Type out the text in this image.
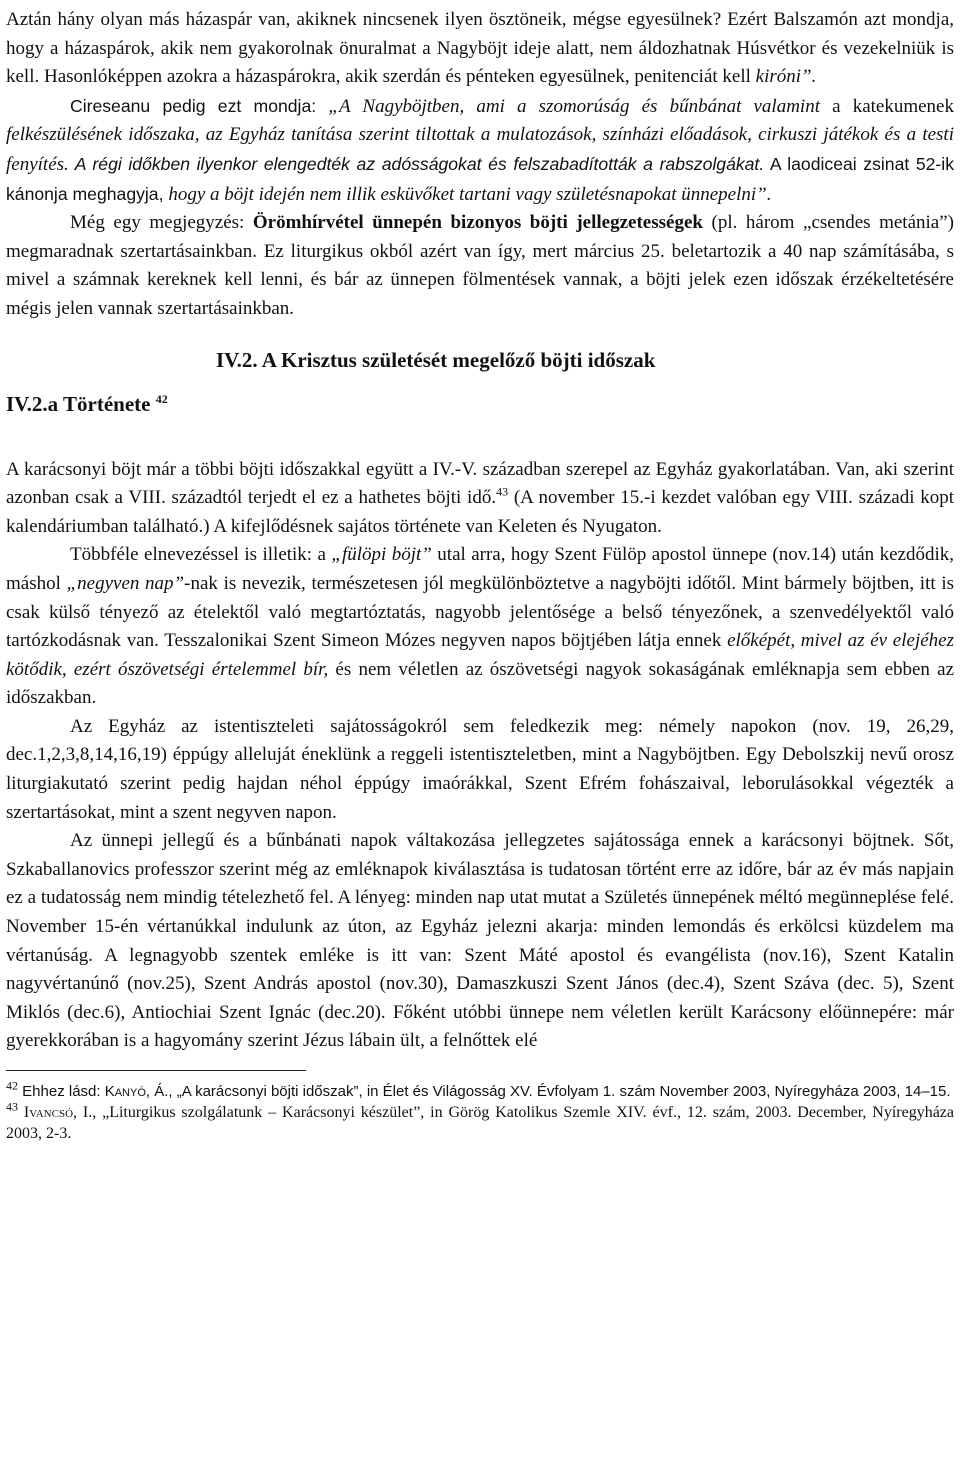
Aztán hány olyan más házaspár van, akiknek nincsenek ilyen ösztöneik, mégse egyesülnek? Ezért Balszamón azt mondja, hogy a házaspárok, akik nem gyakorolnak önuralmat a Nagyböjt ideje alatt, nem áldozhatnak Húsvétkor és vezekelniük is kell. Hasonlóképpen azokra a házaspárokra, akik szerdán és pénteken egyesülnek, penitenciát kell kiróni”.

Cireseanu pedig ezt mondja: „A Nagyböjtben, ami a szomorúság és bűnbánat valamint a katekumenek felkészülésének időszaka, az Egyház tanítása szerint tiltottak a mulatozások, színházi előadások, cirkuszi játékok és a testi fenyítés. A régi időkben ilyenkor elengedték az adósságokat és felszabadították a rabszolgákat. A laodiceai zsinat 52-ik kánonja meghagyja, hogy a böjt idején nem illik esküvőket tartani vagy születésnapokat ünnepelni”.

Még egy megjegyzés: Örömhírvétel ünnepén bizonyos böjti jellegzetességek (pl. három „csendes metánia”) megmaradnak szertartásainkban. Ez liturgikus okból azért van így, mert március 25. beletartozik a 40 nap számításába, s mivel a számnak kereknek kell lenni, és bár az ünnepen fölmentések vannak, a böjti jelek ezen időszak érzékeltetésére mégis jelen vannak szertartásainkban.

IV.2. A Krisztus születését megelőző böjti időszak
IV.2.a Története $^{42}$

A karácsonyi böjt már a többi böjti időszakkal együtt a IV.-V. században szerepel az Egyház gyakorlatában. Van, aki szerint azonban csak a VIII. századtól terjedt el ez a hathetes böjti idő.$^{43}$ (A november 15.-i kezdet valóban egy VIII. századi kopt kalendáriumban található.) A kifejlődésnek sajátos története van Keleten és Nyugaton.

Többféle elnevezéssel is illetik: a „fülöpi böjt” utal arra, hogy Szent Fülöp apostol ünnepe (nov.14) után kezdődik, máshol „negyven nap”-nak is nevezik, természetesen jól megkülönböztetve a nagyböjti időtől. Mint bármely böjtben, itt is csak külső tényező az ételektől való megtartóztatás, nagyobb jelentősége a belső tényezőnek, a szenvedélyektől való tartózkodásnak van. Tesszalonikai Szent Simeon Mózes negyven napos böjtjében látja ennek előképét, mivel az év elejéhez kötődik, ezért ószövetségi értelemmel bír, és nem véletlen az ószövetségi nagyok sokaságának emléknapja sem ebben az időszakban.

Az Egyház az istentiszteleti sajátosságokról sem feledkezik meg: némely napokon (nov. 19, 26,29, dec.1,2,3,8,14,16,19) éppúgy alleluját éneklünk a reggeli istentiszteletben, mint a Nagyböjtben. Egy Debolszkij nevű orosz liturgiakutató szerint pedig hajdan néhol éppúgy imaórákkal, Szent Efrém fohászaival, leborulásokkal végezték a szertartásokat, mint a szent negyven napon.

Az ünnepi jellegű és a bűnbánati napok váltakozása jellegzetes sajátossága ennek a karácsonyi böjtnek. Sőt, Szkaballanovics professzor szerint még az emléknapok kiválasztása is tudatosan történt erre az időre, bár az év más napjain ez a tudatosság nem mindig tételezhető fel. A lényeg: minden nap utat mutat a Születés ünnepének méltó megünneplése felé. November 15-én vértanúkkal indulunk az úton, az Egyház jelezni akarja: minden lemondás és erkölcsi küzdelem ma vértanúság. A legnagyobb szentek emléke is itt van: Szent Máté apostol és evangélista (nov.16), Szent Katalin nagyvértanúnő (nov.25), Szent András apostol (nov.30), Damaszkuszi Szent János (dec.4), Szent Száva (dec. 5), Szent Miklós (dec.6), Antiochiai Szent Ignác (dec.20). Főként utóbbi ünnepe nem véletlen került Karácsony előünnepére: már gyerekkorában is a hagyomány szerint Jézus lábain ült, a felnőttek elé

$^{42}$ Ehhez lásd: Kanyó, Á., „A karácsonyi böjti időszak”, in Élet és Világosság XV. Évfolyam 1. szám November 2003, Nyíregyháza 2003, 14–15.
$^{43}$ Ivancsó, I., „Liturgikus szolgálatunk – Karácsonyi készület”, in Görög Katolikus Szemle XIV. évf., 12. szám, 2003. December, Nyíregyháza 2003, 2-3.
